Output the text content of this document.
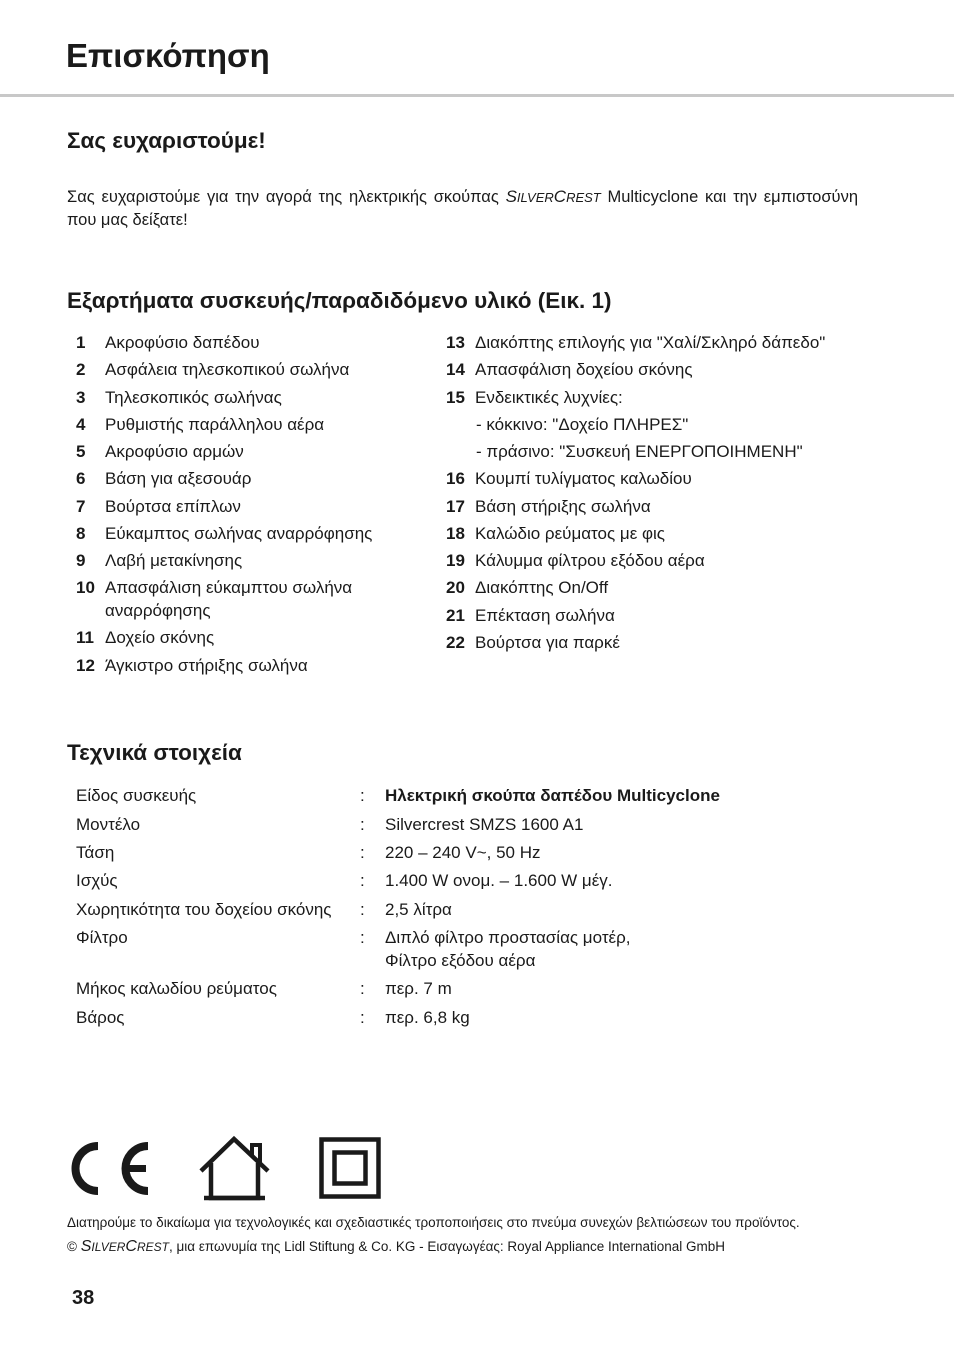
Επισκόπηση
Σας ευχαριστούμε!
Σας ευχαριστούμε για την αγορά της ηλεκτρικής σκούπας SILVERCREST Multicyclone και την εμπιστοσύνη που μας δείξατε!
Εξαρτήματα συσκευής/παραδιδόμενο υλικό (Εικ. 1)
1 Ακροφύσιο δαπέδου
2 Ασφάλεια τηλεσκοπικού σωλήνα
3 Τηλεσκοπικός σωλήνας
4 Ρυθμιστής παράλληλου αέρα
5 Ακροφύσιο αρμών
6 Βάση για αξεσουάρ
7 Βούρτσα επίπλων
8 Εύκαμπτος σωλήνας αναρρόφησης
9 Λαβή μετακίνησης
10 Απασφάλιση εύκαμπτου σωλήνα
αναρρόφησης
11 Δοχείο σκόνης
12 Άγκιστρο στήριξης σωλήνα
13 Διακόπτης επιλογής για "Χαλί/Σκληρό δάπεδο"
14 Απασφάλιση δοχείου σκόνης
15 Ενδεικτικές λυχνίες:
- κόκκινο: "Δοχείο ΠΛΗΡΕΣ"
- πράσινο: "Συσκευή ΕΝΕΡΓΟΠΟΙΗΜΕΝΗ"
16 Κουμπί τυλίγματος καλωδίου
17 Βάση στήριξης σωλήνα
18 Καλώδιο ρεύματος με φις
19 Κάλυμμα φίλτρου εξόδου αέρα
20 Διακόπτης On/Off
21 Επέκταση σωλήνα
22 Βούρτσα για παρκέ
Τεχνικά στοιχεία
Είδος συσκευής	: Ηλεκτρική σκούπα δαπέδου Multicyclone
Μοντέλο	: Silvercrest SMZS 1600 A1
Τάση	: 220 – 240 V~, 50 Hz
Ισχύς	: 1.400 W ονομ. – 1.600 W μέγ.
Χωρητικότητα του δοχείου σκόνης : 2,5 λίτρα
Φίλτρο	: Διπλό φίλτρο προστασίας μοτέρ,
Φίλτρο εξόδου αέρα
Μήκος καλωδίου ρεύματος	: περ. 7 m
Βάρος	: περ. 6,8 kg
Διατηρούμε το δικαίωμα για τεχνολογικές και σχεδιαστικές τροποποιήσεις στο πνεύμα συνεχών βελτιώσεων του προϊόντος.
© SILVERCREST, μια επωνυμία της Lidl Stiftung & Co. KG - Εισαγωγέας: Royal Appliance International GmbH
38
